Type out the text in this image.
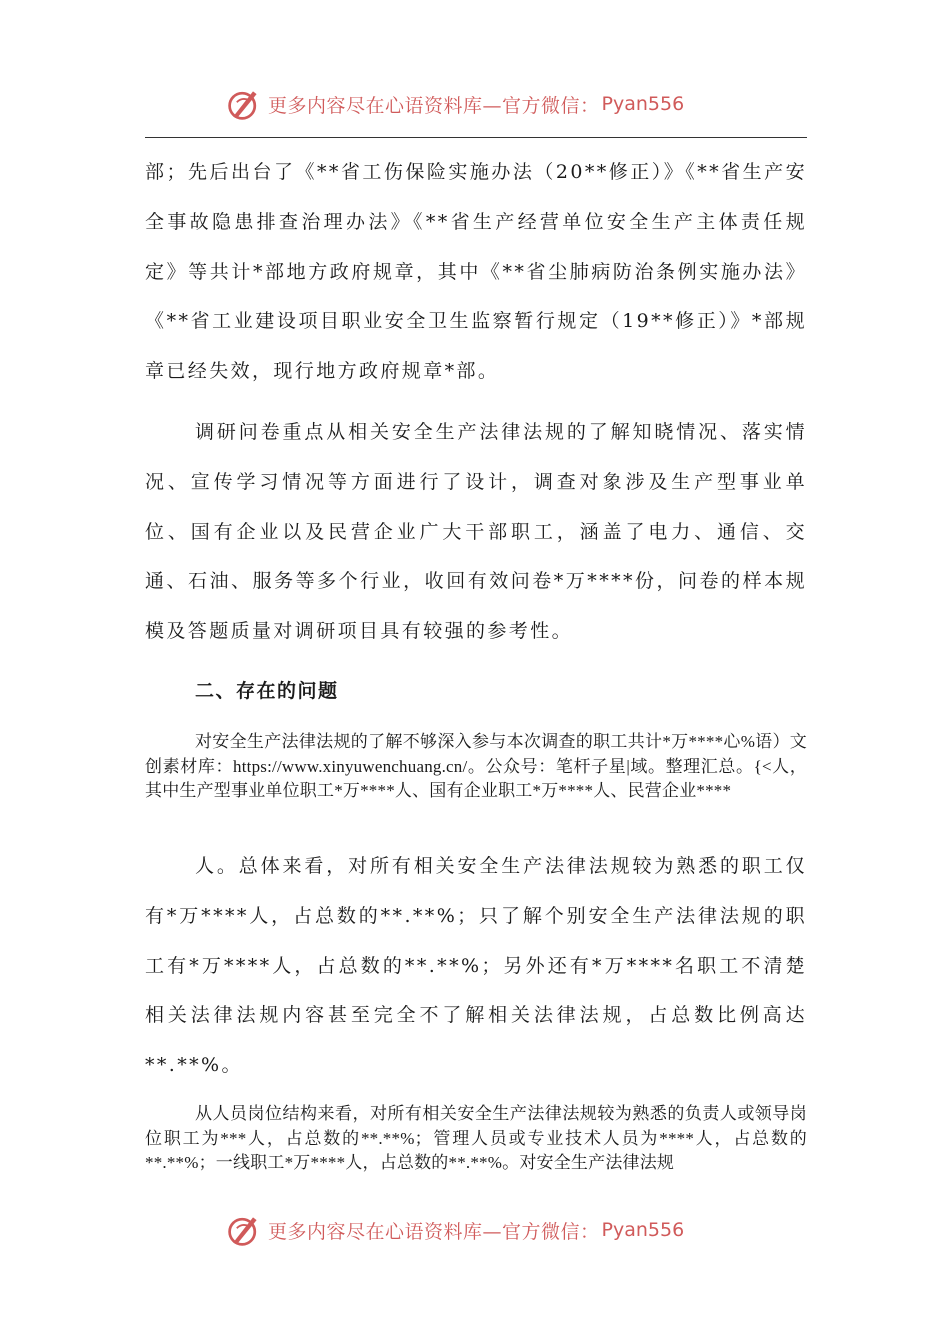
更多内容尽在心语资料库—官方微信： Pyan556

部；先后出台了《**省工伤保险实施办法（20**修正）》《**省生产安全事故隐患排查治理办法》《**省生产经营单位安全生产主体责任规定》等共计*部地方政府规章，其中《**省尘肺病防治条例实施办法》《**省工业建设项目职业安全卫生监察暂行规定（19**修正）》*部规章已经失效，现行地方政府规章*部。

调研问卷重点从相关安全生产法律法规的了解知晓情况、落实情况、宣传学习情况等方面进行了设计，调查对象涉及生产型事业单位、国有企业以及民营企业广大干部职工，涵盖了电力、通信、交通、石油、服务等多个行业，收回有效问卷*万****份，问卷的样本规模及答题质量对调研项目具有较强的参考性。

二、存在的问题

对安全生产法律法规的了解不够深入参与本次调查的职工共计*万****心%语）文创素材库：https://www.xinyuwenchuang.cn/。公众号：笔杆子星|域。整理汇总。{<人，其中生产型事业单位职工*万****人、国有企业职工*万****人、民营企业****

人。总体来看，对所有相关安全生产法律法规较为熟悉的职工仅有*万****人，占总数的**.**%；只了解个别安全生产法律法规的职工有*万****人，占总数的**.**%；另外还有*万****名职工不清楚相关法律法规内容甚至完全不了解相关法律法规，占总数比例高达**.**%。

从人员岗位结构来看，对所有相关安全生产法律法规较为熟悉的负责人或领导岗位职工为***人，占总数的**.**%；管理人员或专业技术人员为****人，占总数的**.**%；一线职工*万****人，占总数的**.**%。对安全生产法律法规

更多内容尽在心语资料库—官方微信： Pyan556
